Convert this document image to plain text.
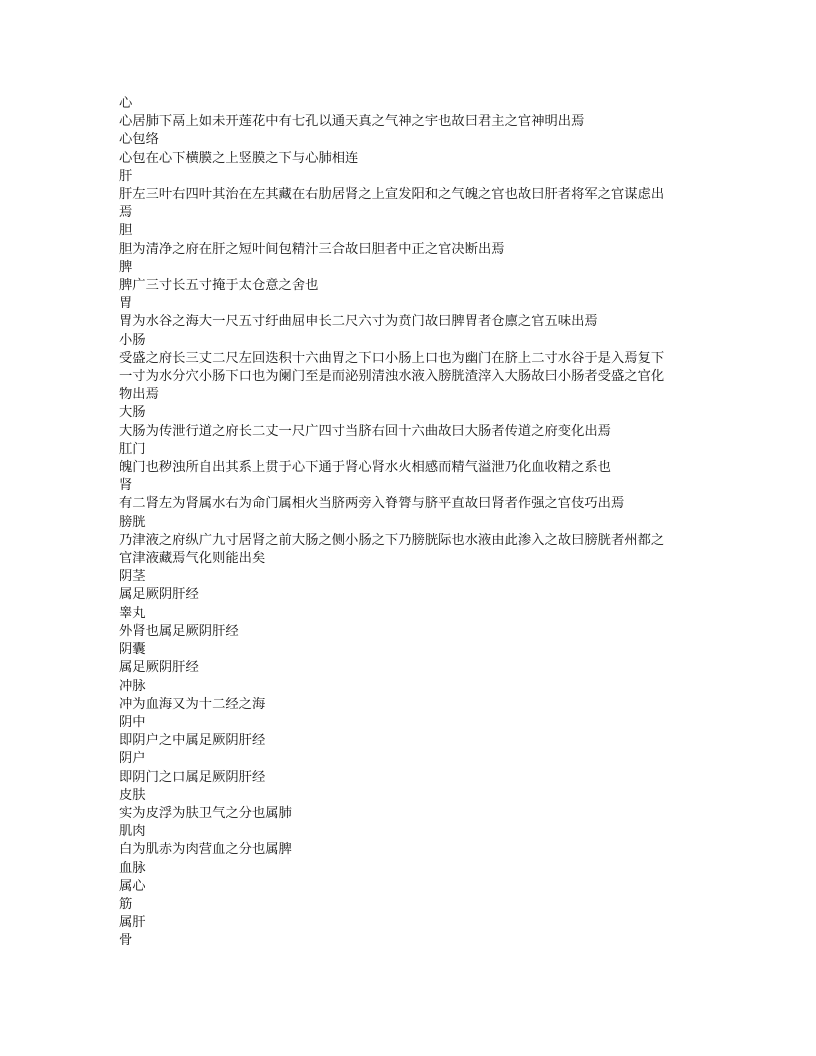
心
心居肺下鬲上如未开莲花中有七孔以通天真之气神之宇也故曰君主之官神明出焉
心包络
心包在心下横膜之上竖膜之下与心肺相连
肝
肝左三叶右四叶其治在左其藏在右肋居肾之上宣发阳和之气魄之官也故曰肝者将军之官谋虑出
焉
胆
胆为清净之府在肝之短叶间包精汁三合故曰胆者中正之官决断出焉
脾
脾广三寸长五寸掩于太仓意之舍也
胃
胃为水谷之海大一尺五寸纡曲屈申长二尺六寸为贲门故曰脾胃者仓廪之官五味出焉
小肠
受盛之府长三丈二尺左回迭积十六曲胃之下口小肠上口也为幽门在脐上二寸水谷于是入焉复下
一寸为水分穴小肠下口也为阑门至是而泌别清浊水液入膀胱渣滓入大肠故曰小肠者受盛之官化
物出焉
大肠
大肠为传泄行道之府长二丈一尺广四寸当脐右回十六曲故曰大肠者传道之府变化出焉
肛门
魄门也秽浊所自出其系上贯于心下通于肾心肾水火相感而精气溢泄乃化血收精之系也
肾
有二肾左为肾属水右为命门属相火当脐两旁入脊膂与脐平直故曰肾者作强之官伎巧出焉
膀胱
乃津液之府纵广九寸居肾之前大肠之侧小肠之下乃膀胱际也水液由此渗入之故曰膀胱者州都之
官津液藏焉气化则能出矣
阴茎
属足厥阴肝经
睾丸
外肾也属足厥阴肝经
阴囊
属足厥阴肝经
冲脉
冲为血海又为十二经之海
阴中
即阴户之中属足厥阴肝经
阴户
即阴门之口属足厥阴肝经
皮肤
实为皮浮为肤卫气之分也属肺
肌肉
白为肌赤为肉营血之分也属脾
血脉
属心
筋
属肝
骨
